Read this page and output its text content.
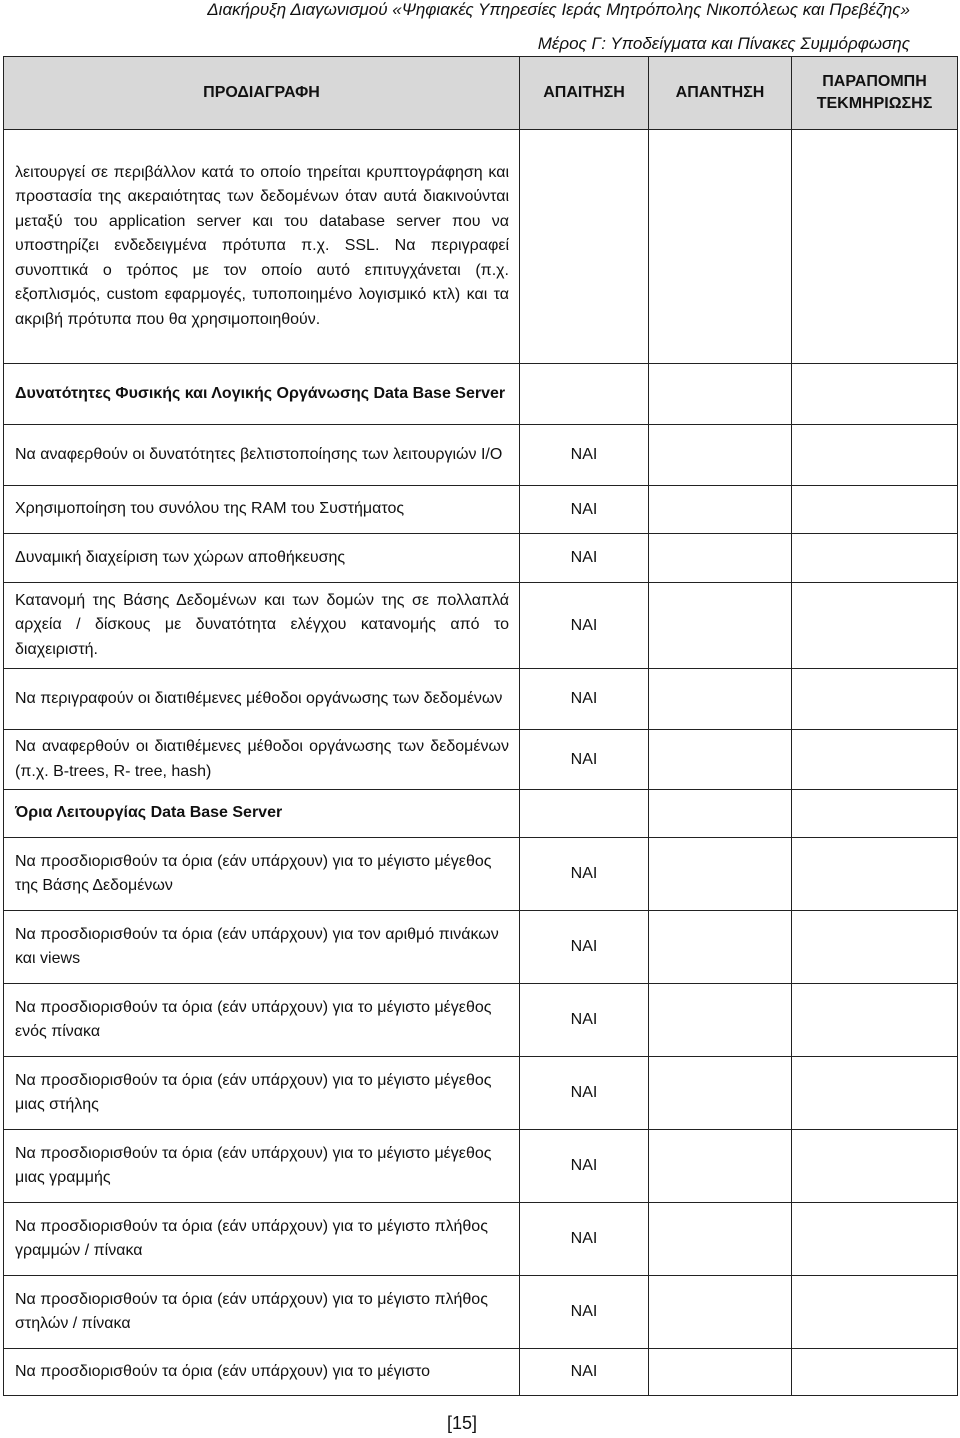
Διακήρυξη Διαγωνισμού «Ψηφιακές Υπηρεσίες Ιεράς Μητρόπολης Νικοπόλεως και Πρεβέζης»
Μέρος Γ: Υποδείγματα και Πίνακες Συμμόρφωσης
ΠΡΟΔΙΑΓΡΑΦΗ	ΑΠΑΙΤΗΣΗ	ΑΠΑΝΤΗΣΗ	ΠΑΡΑΠΟΜΠΗ ΤΕΚΜΗΡΙΩΣΗΣ
λειτουργεί σε περιβάλλον κατά το οποίο τηρείται κρυπτογράφηση και προστασία της ακεραιότητας των δεδομένων όταν αυτά διακινούνται μεταξύ του application server και του database server που να υποστηρίζει ενδεδειγμένα πρότυπα π.χ. SSL. Να περιγραφεί συνοπτικά ο τρόπος με τον οποίο αυτό επιτυγχάνεται (π.χ. εξοπλισμός, custom εφαρμογές, τυποποιημένο λογισμικό κτλ) και τα ακριβή πρότυπα που θα χρησιμοποιηθούν.			
Δυνατότητες Φυσικής και Λογικής Οργάνωσης Data Base Server			
Να αναφερθούν οι δυνατότητες βελτιστοποίησης των λειτουργιών I/O	ΝΑΙ		
Χρησιμοποίηση του συνόλου της RAM του Συστήματος	ΝΑΙ		
Δυναμική διαχείριση των χώρων αποθήκευσης	ΝΑΙ		
Κατανομή της Βάσης Δεδομένων και των δομών της σε πολλαπλά αρχεία / δίσκους με δυνατότητα ελέγχου κατανομής από το διαχειριστή.	ΝΑΙ		
Να περιγραφούν οι διατιθέμενες μέθοδοι οργάνωσης των δεδομένων	ΝΑΙ		
Να αναφερθούν οι διατιθέμενες μέθοδοι οργάνωσης των δεδομένων (π.χ. B-trees, R- tree, hash)	ΝΑΙ		
Όρια Λειτουργίας Data Base Server			
Να προσδιορισθούν τα όρια (εάν υπάρχουν) για το μέγιστο μέγεθος της Βάσης Δεδομένων	ΝΑΙ		
Να προσδιορισθούν τα όρια (εάν υπάρχουν) για τον αριθμό πινάκων και views	ΝΑΙ		
Να προσδιορισθούν τα όρια (εάν υπάρχουν) για το μέγιστο μέγεθος ενός πίνακα	ΝΑΙ		
Να προσδιορισθούν τα όρια (εάν υπάρχουν) για το μέγιστο μέγεθος μιας στήλης	ΝΑΙ		
Να προσδιορισθούν τα όρια (εάν υπάρχουν) για το μέγιστο μέγεθος μιας γραμμής	ΝΑΙ		
Να προσδιορισθούν τα όρια (εάν υπάρχουν) για το μέγιστο πλήθος γραμμών / πίνακα	ΝΑΙ		
Να προσδιορισθούν τα όρια (εάν υπάρχουν) για το μέγιστο πλήθος στηλών / πίνακα	ΝΑΙ		
Να προσδιορισθούν τα όρια (εάν υπάρχουν) για το μέγιστο	ΝΑΙ		
[15]
